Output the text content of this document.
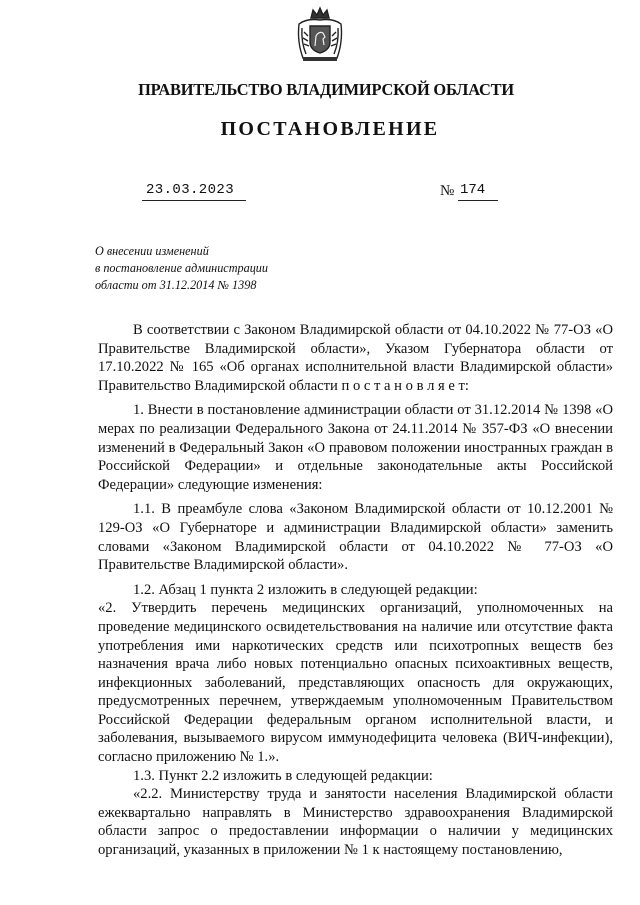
ПРАВИТЕЛЬСТВО ВЛАДИМИРСКОЙ ОБЛАСТИ
ПОСТАНОВЛЕНИЕ
23.03.2023	№ 174
О внесении изменений
в постановление администрации
области от 31.12.2014 № 1398

В соответствии с Законом Владимирской области от 04.10.2022 № 77-ОЗ «О Правительстве Владимирской области», Указом Губернатора области от 17.10.2022 № 165 «Об органах исполнительной власти Владимирской области» Правительство Владимирской области п о с т а н о в л я е т:

1. Внести в постановление администрации области от 31.12.2014 № 1398 «О мерах по реализации Федерального Закона от 24.11.2014 № 357-ФЗ «О внесении изменений в Федеральный Закон «О правовом положении иностранных граждан в Российской Федерации» и отдельные законодательные акты Российской Федерации» следующие изменения:

1.1. В преамбуле слова «Законом Владимирской области от 10.12.2001 № 129-ОЗ «О Губернаторе и администрации Владимирской области» заменить словами «Законом Владимирской области от 04.10.2022 № 77-ОЗ «О Правительстве Владимирской области».

1.2. Абзац 1 пункта 2 изложить в следующей редакции:

«2. Утвердить перечень медицинских организаций, уполномоченных на проведение медицинского освидетельствования на наличие или отсутствие факта употребления ими наркотических средств или психотропных веществ без назначения врача либо новых потенциально опасных психоактивных веществ, инфекционных заболеваний, представляющих опасность для окружающих, предусмотренных перечнем, утверждаемым уполномоченным Правительством Российской Федерации федеральным органом исполнительной власти, и заболевания, вызываемого вирусом иммунодефицита человека (ВИЧ-инфекции), согласно приложению № 1.».

1.3. Пункт 2.2 изложить в следующей редакции:

«2.2. Министерству труда и занятости населения Владимирской области ежеквартально направлять в Министерство здравоохранения Владимирской области запрос о предоставлении информации о наличии у медицинских организаций, указанных в приложении № 1 к настоящему постановлению,
